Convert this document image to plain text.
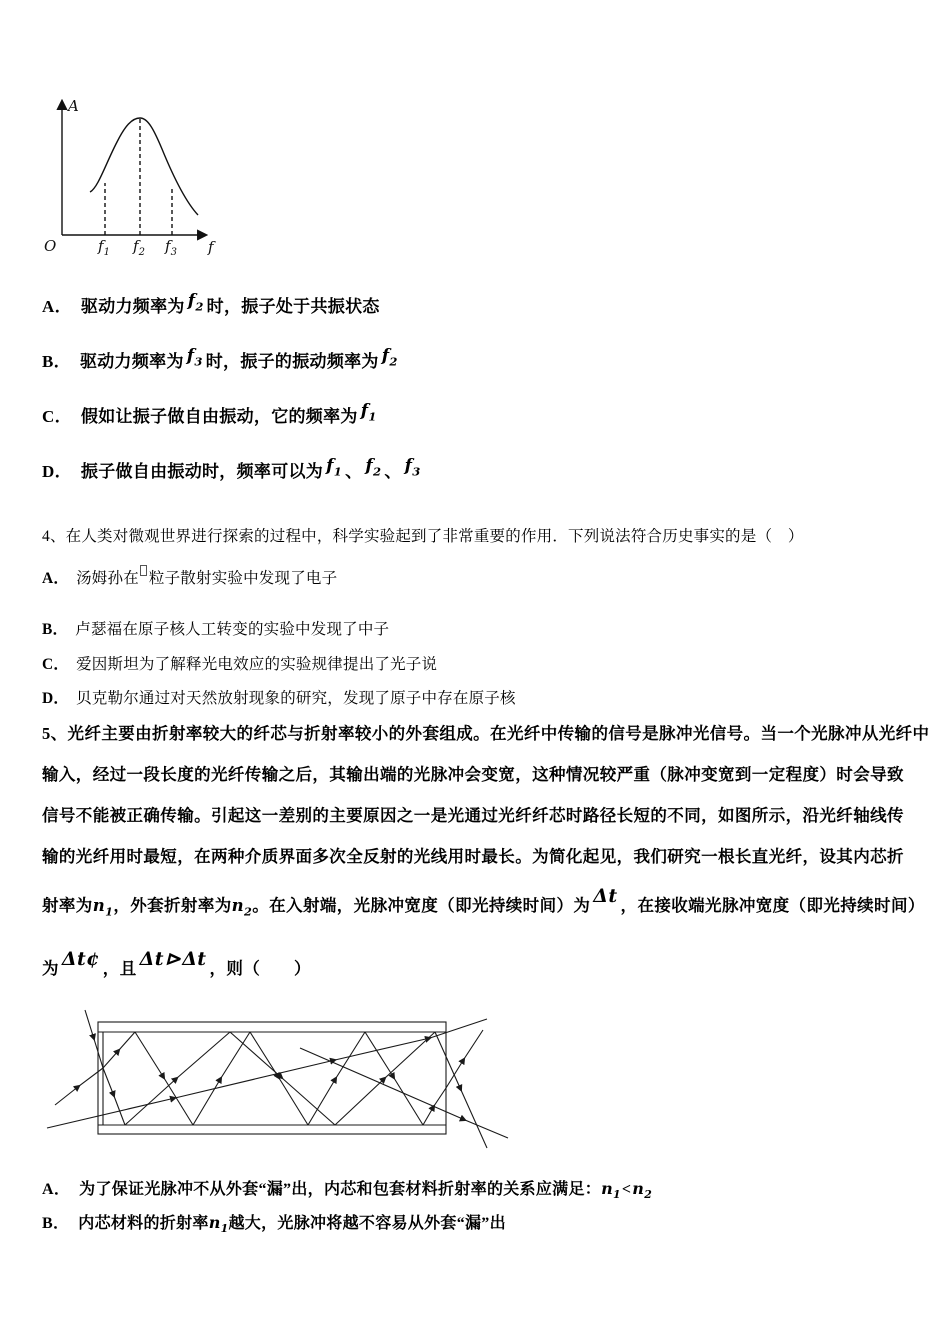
A
O	f
$f_1$ $f_2$ $f_3$
A． 驱动力频率为 $f_2$ 时，振子处于共振状态
B． 驱动力频率为 $f_3$ 时，振子的振动频率为 $f_2$
C． 假如让振子做自由振动，它的频率为 $f_1$
D． 振子做自由振动时，频率可以为 $f_1$ 、 $f_2$ 、 $f_3$
4、在人类对微观世界进行探索的过程中，科学实验起到了非常重要的作用．下列说法符合历史事实的是（　）
A． 汤姆孙在 粒子散射实验中发现了电子
B． 卢瑟福在原子核人工转变的实验中发现了中子
C． 爱因斯坦为了解释光电效应的实验规律提出了光子说
D． 贝克勒尔通过对天然放射现象的研究，发现了原子中存在原子核
5、光纤主要由折射率较大的纤芯与折射率较小的外套组成。在光纤中传输的信号是脉冲光信号。当一个光脉冲从光纤中
输入，经过一段长度的光纤传输之后，其输出端的光脉冲会变宽，这种情况较严重（脉冲变宽到一定程度）时会导致
信号不能被正确传输。引起这一差别的主要原因之一是光通过光纤纤芯时路径长短的不同，如图所示，沿光纤轴线传
输的光纤用时最短，在两种介质界面多次全反射的光线用时最长。为简化起见，我们研究一根长直光纤，设其内芯折
射率为$n_1$，外套折射率为$n_2$。在入射端，光脉冲宽度（即光持续时间）为 Δt ，在接收端光脉冲宽度（即光持续时间）
为 Δt¢ ，且 Δt⊳Δt ，则（　　）
A． 为了保证光脉冲不从外套“漏”出，内芯和包套材料折射率的关系应满足：$n_1<n_2$
B． 内芯材料的折射率$n_1$越大，光脉冲将越不容易从外套“漏”出
